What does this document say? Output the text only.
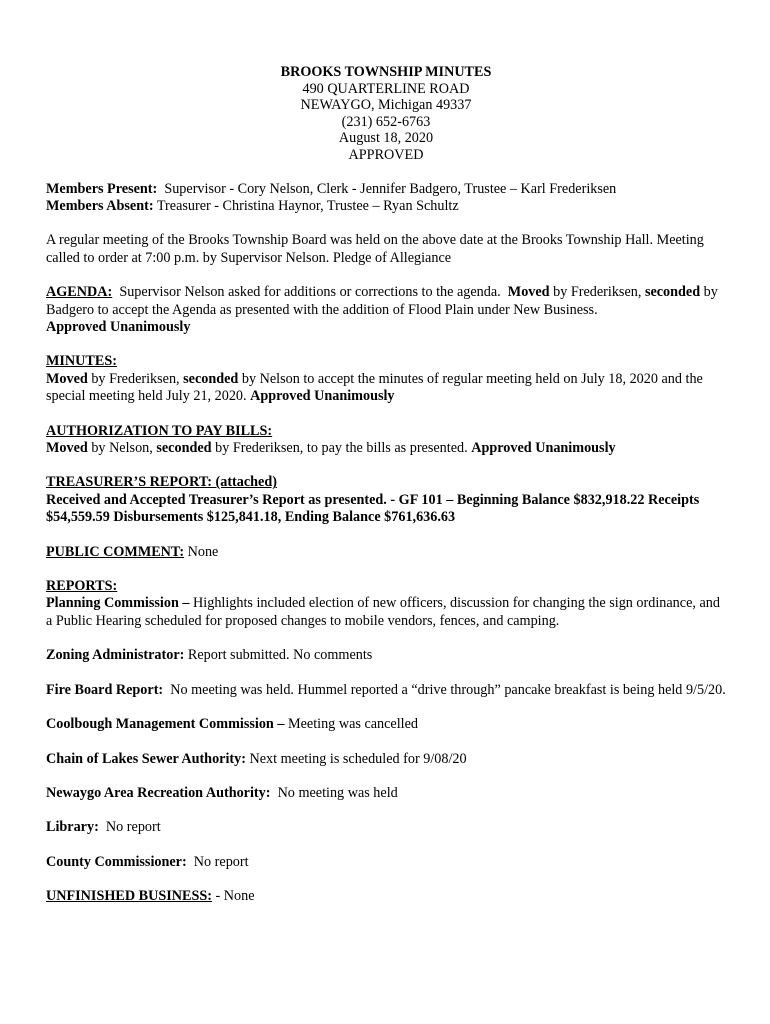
BROOKS TOWNSHIP MINUTES
490 QUARTERLINE ROAD
NEWAYGO, Michigan 49337
(231) 652-6763
August 18, 2020
APPROVED

Members Present: Supervisor - Cory Nelson, Clerk - Jennifer Badgero, Trustee – Karl Frederiksen
Members Absent: Treasurer - Christina Haynor, Trustee – Ryan Schultz

A regular meeting of the Brooks Township Board was held on the above date at the Brooks Township Hall. Meeting called to order at 7:00 p.m. by Supervisor Nelson. Pledge of Allegiance

AGENDA: Supervisor Nelson asked for additions or corrections to the agenda. Moved by Frederiksen, seconded by Badgero to accept the Agenda as presented with the addition of Flood Plain under New Business.
Approved Unanimously

MINUTES:
Moved by Frederiksen, seconded by Nelson to accept the minutes of regular meeting held on July 18, 2020 and the special meeting held July 21, 2020. Approved Unanimously

AUTHORIZATION TO PAY BILLS:
Moved by Nelson, seconded by Frederiksen, to pay the bills as presented. Approved Unanimously

TREASURER’S REPORT: (attached)
Received and Accepted Treasurer’s Report as presented. - GF 101 – Beginning Balance $832,918.22 Receipts $54,559.59 Disbursements $125,841.18, Ending Balance $761,636.63

PUBLIC COMMENT: None

REPORTS:
Planning Commission – Highlights included election of new officers, discussion for changing the sign ordinance, and a Public Hearing scheduled for proposed changes to mobile vendors, fences, and camping.

Zoning Administrator: Report submitted. No comments

Fire Board Report: No meeting was held. Hummel reported a “drive through” pancake breakfast is being held 9/5/20.

Coolbough Management Commission – Meeting was cancelled

Chain of Lakes Sewer Authority: Next meeting is scheduled for 9/08/20

Newaygo Area Recreation Authority: No meeting was held

Library: No report

County Commissioner: No report

UNFINISHED BUSINESS: - None
